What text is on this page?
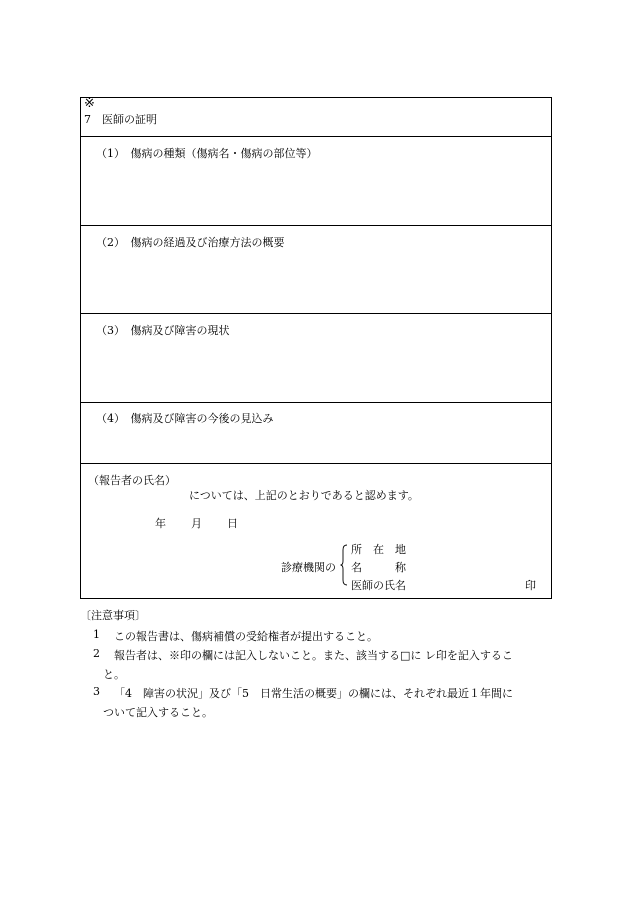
※
7　医師の証明
（1）　傷病の種類（傷病名・傷病の部位等）
（2）　傷病の経過及び治療方法の概要
（3）　傷病及び障害の現状
（4）　傷病及び障害の今後の見込み
（報告者の氏名）
については、上記のとおりであると認めます。
年 月 日
診療機関の
所　在　地
名　　　称
医師の氏名	印
〔注意事項〕
1 この報告書は、傷病補償の受給権者が提出すること。
2 報告者は、※印の欄には記入しないこと。また、該当する□に レ印を記入するこ
と。
3 「4　障害の状況」及び「5　日常生活の概要」の欄には、それぞれ最近１年間に
ついて記入すること。
